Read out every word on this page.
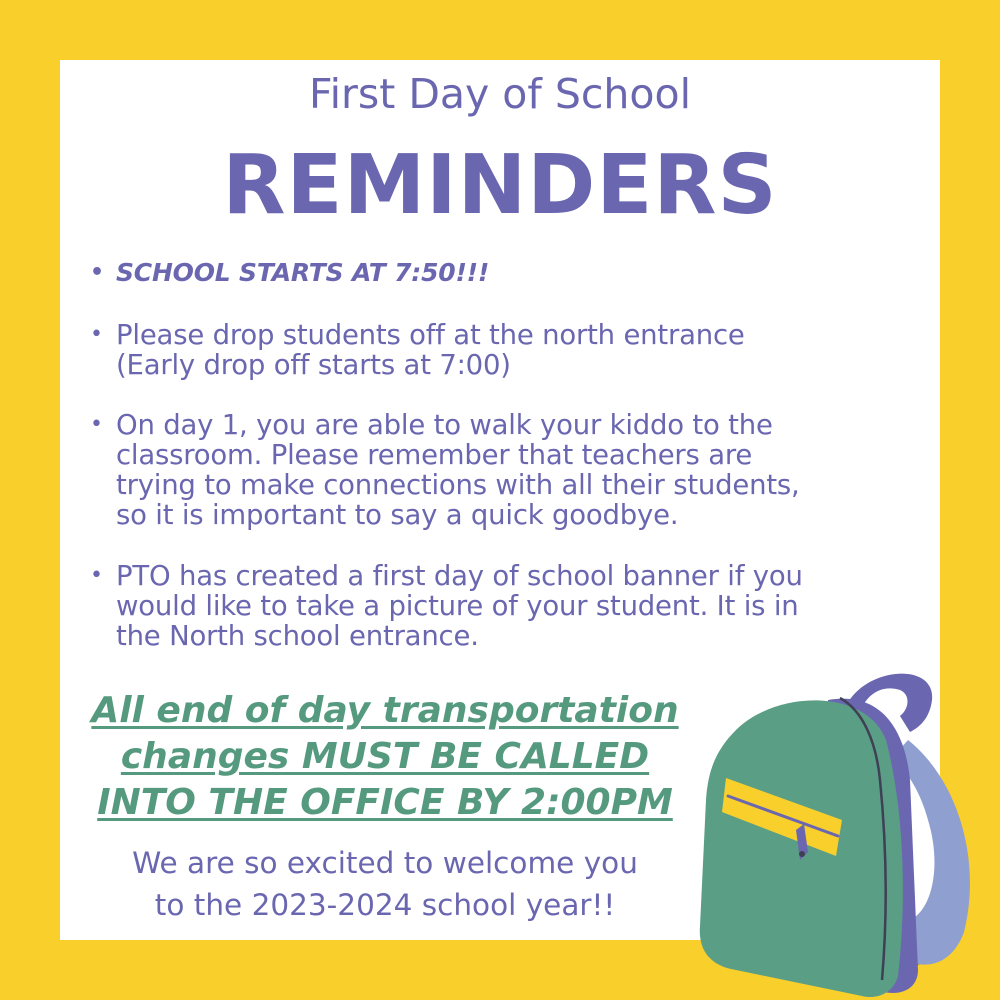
First Day of School
REMINDERS
• SCHOOL STARTS AT 7:50!!!
• Please drop students off at the north entrance
(Early drop off starts at 7:00)
• On day 1, you are able to walk your kiddo to the
classroom. Please remember that teachers are
trying to make connections with all their students,
so it is important to say a quick goodbye.
• PTO has created a first day of school banner if you
would like to take a picture of your student. It is in
the North school entrance.
All end of day transportation
changes MUST BE CALLED
INTO THE OFFICE BY 2:00PM
We are so excited to welcome you
to the 2023-2024 school year!!
